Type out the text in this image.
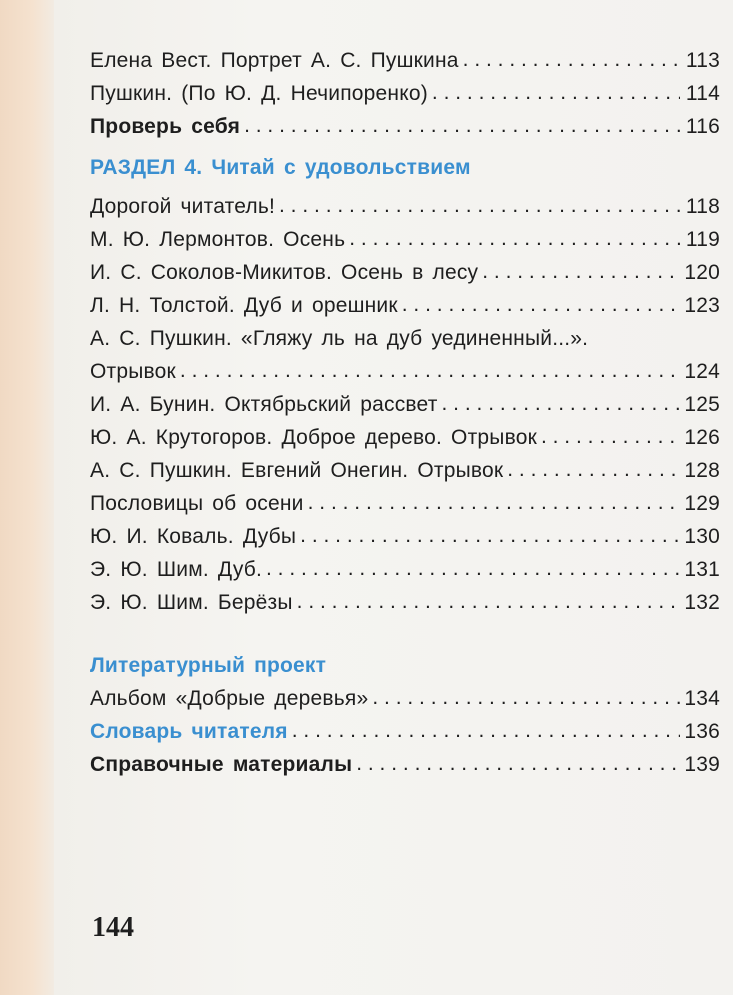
Елена Вест. Портрет А. С. Пушкина . . .	113
Пушкин. (По Ю. Д. Нечипоренко) . . .	114
Проверь себя . . .	116
РАЗДЕЛ 4. Читай с удовольствием
Дорогой читатель! . . .	118
М. Ю. Лермонтов. Осень . . .	119
И. С. Соколов-Микитов. Осень в лесу . . .	120
Л. Н. Толстой. Дуб и орешник . . .	123
А. С. Пушкин. «Гляжу ль на дуб уединенный...».
Отрывок . . .	124
И. А. Бунин. Октябрьский рассвет . . .	125
Ю. А. Крутогоров. Доброе дерево. Отрывок . . .	126
А. С. Пушкин. Евгений Онегин. Отрывок . . .	128
Пословицы об осени . . .	129
Ю. И. Коваль. Дубы . . .	130
Э. Ю. Шим. Дуб. . . .	131
Э. Ю. Шим. Берёзы . . .	132
Литературный проект
Альбом «Добрые деревья» . . .	134
Словарь читателя . . .	136
Справочные материалы . . .	139
144
